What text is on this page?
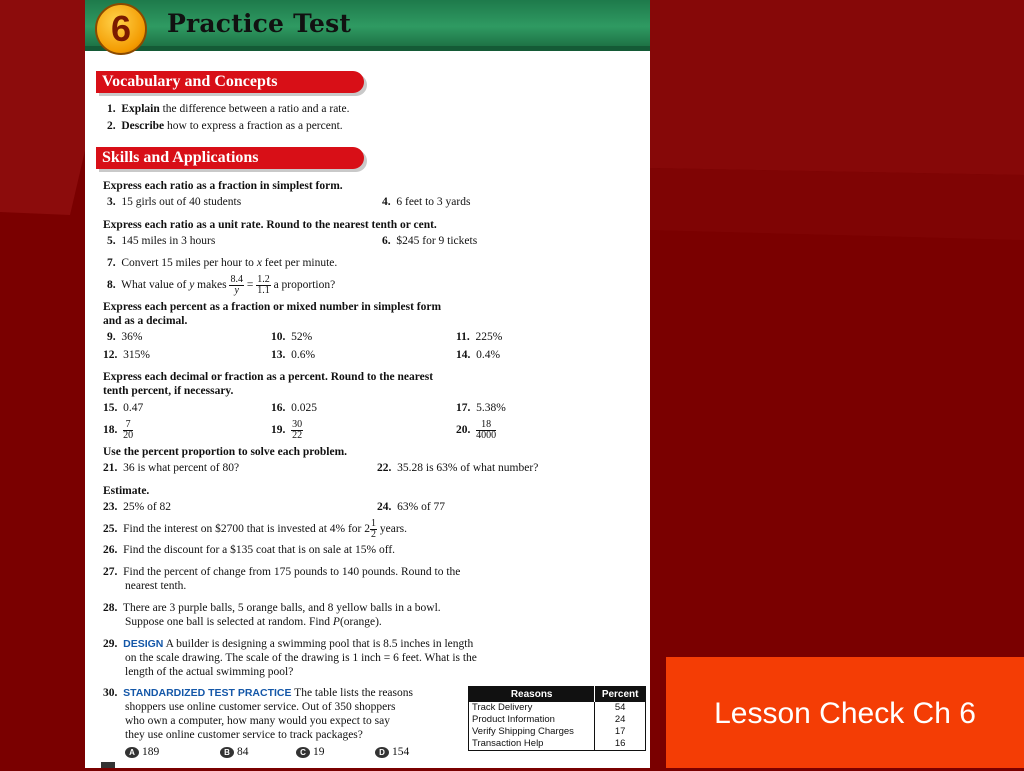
6	Practice Test
Vocabulary and Concepts
1. Explain the difference between a ratio and a rate.
2. Describe how to express a fraction as a percent.
Skills and Applications
Express each ratio as a fraction in simplest form.
3. 15 girls out of 40 students	4. 6 feet to 3 yards
Express each ratio as a unit rate. Round to the nearest tenth or cent.
5. 145 miles in 3 hours	6. $245 for 9 tickets
7. Convert 15 miles per hour to x feet per minute.
8. What value of y makes $\frac{8.4}{y} = \frac{1.2}{1.1}$ a proportion?
Express each percent as a fraction or mixed number in simplest form
and as a decimal.
9. 36%	10. 52%	11. 225%
12. 315%	13. 0.6%	14. 0.4%
Express each decimal or fraction as a percent. Round to the nearest
tenth percent, if necessary.
15. 0.47	16. 0.025	17. 5.38%
18. $\frac{7}{20}$	19. $\frac{30}{22}$	20. $\frac{18}{4000}$
Use the percent proportion to solve each problem.
21. 36 is what percent of 80?	22. 35.28 is 63% of what number?
Estimate.
23. 25% of 82	24. 63% of 77
25. Find the interest on $2700 that is invested at 4% for $2 \frac{1}{2}$ years.
26. Find the discount for a $135 coat that is on sale at 15% off.
27. Find the percent of change from 175 pounds to 140 pounds. Round to the
nearest tenth.
28. There are 3 purple balls, 5 orange balls, and 8 yellow balls in a bowl.
Suppose one ball is selected at random. Find P(orange).
29. DESIGN A builder is designing a swimming pool that is 8.5 inches in length
on the scale drawing. The scale of the drawing is 1 inch = 6 feet. What is the
length of the actual swimming pool?
30. STANDARDIZED TEST PRACTICE The table lists the reasons
shoppers use online customer service. Out of 350 shoppers
who own a computer, how many would you expect to say
they use online customer service to track packages?
A 189	B 84	C 19	D 154
Reasons	Percent
Track Delivery	54
Product Information	24
Verify Shipping Charges	17
Transaction Help	16
Lesson Check Ch 6
